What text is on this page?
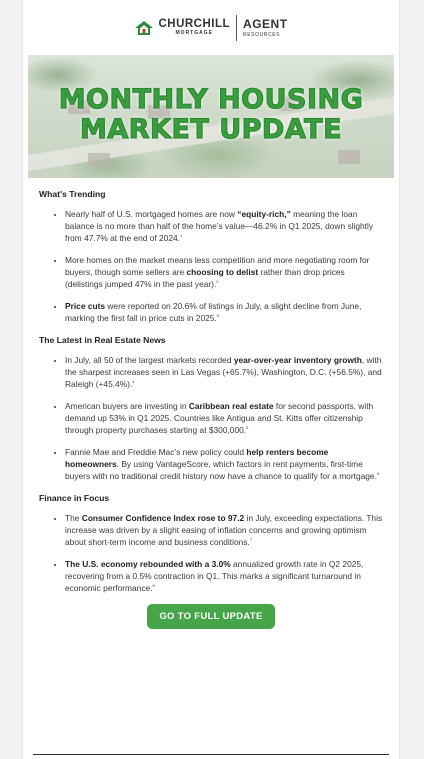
CHURCHILL
MORTGAGE
AGENT
RESOURCES
MONTHLY HOUSING
MARKET UPDATE
What's Trending
• Nearly half of U.S. mortgaged homes are now “equity-rich,” meaning the loan balance is no more than half of the home’s value—46.2% in Q1 2025, down slightly from 47.7% at the end of 2024.$^1$
• More homes on the market means less competition and more negotiating room for buyers, though some sellers are choosing to delist rather than drop prices (delistings jumped 47% in the past year).$^2$
• Price cuts were reported on 20.6% of listings in July, a slight decline from June, marking the first fall in price cuts in 2025.$^3$
The Latest in Real Estate News
• In July, all 50 of the largest markets recorded year-over-year inventory growth, with the sharpest increases seen in Las Vegas (+65.7%), Washington, D.C. (+56.5%), and Raleigh (+45.4%).$^4$
• American buyers are investing in Caribbean real estate for second passports, with demand up 53% in Q1 2025. Countries like Antigua and St. Kitts offer citizenship through property purchases starting at $300,000.$^5$
• Fannie Mae and Freddie Mac’s new policy could help renters become homeowners. By using VantageScore, which factors in rent payments, first-time buyers with no traditional credit history now have a chance to qualify for a mortgage.$^6$
Finance in Focus
• The Consumer Confidence Index rose to 97.2 in July, exceeding expectations. This increase was driven by a slight easing of inflation concerns and growing optimism about short-term income and business conditions.$^7$
• The U.S. economy rebounded with a 3.0% annualized growth rate in Q2 2025, recovering from a 0.5% contraction in Q1. This marks a significant turnaround in economic performance.$^8$
GO TO FULL UPDATE
